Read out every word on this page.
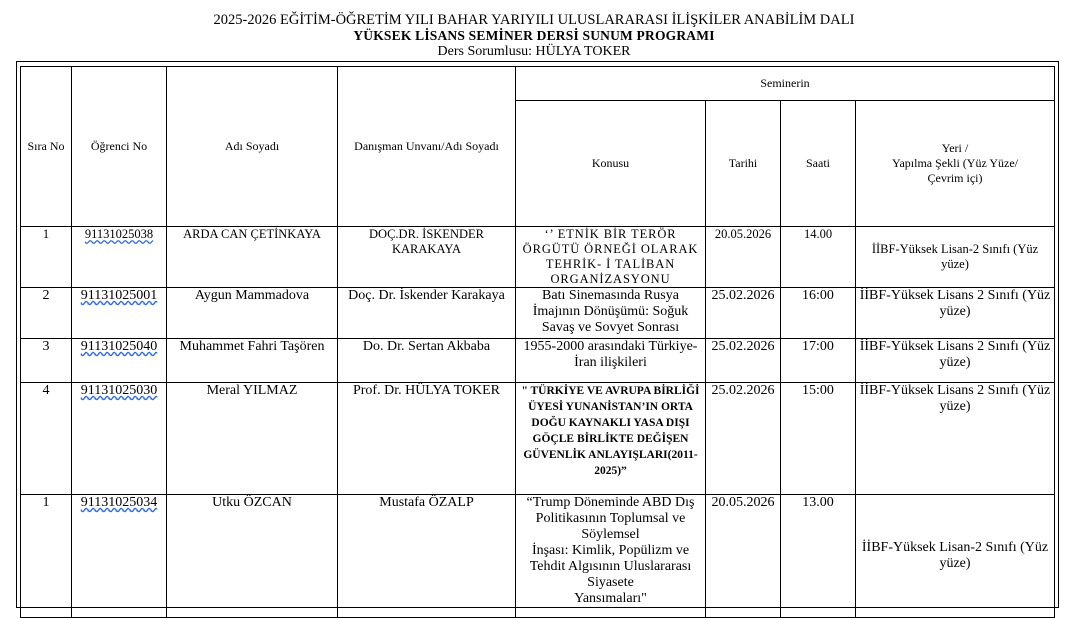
2025-2026 EĞİTİM-ÖĞRETİM YILI BAHAR YARIYILI ULUSLARARASI İLİŞKİLER ANABİLİM DALI
YÜKSEK LİSANS SEMİNER DERSİ SUNUM PROGRAMI
Ders Sorumlusu: HÜLYA TOKER
Sıra No	Öğrenci No	Adı Soyadı	Danışman Unvanı/Adı Soyadı	Seminerin			
				Konusu	Tarihi	Saati	Yeri /
Yapılma Şekli (Yüz Yüze/
Çevrim içi)

1	91131025038	ARDA CAN ÇETİNKAYA	DOÇ.DR. İSKENDER KARAKAYA	‘’ ETNİK BİR TERÖR ÖRGÜTÜ ÖRNEĞİ OLARAK TEHRİK- İ TALİBAN ORGANİZASYONU	20.05.2026	14.00	İİBF-Yüksek Lisan-2 Sınıfı (Yüz yüze)
2	91131025001	Aygun Mammadova	Doç. Dr. İskender Karakaya	Batı Sinemasında Rusya İmajının Dönüşümü: Soğuk Savaş ve Sovyet Sonrası	25.02.2026	16:00	İİBF-Yüksek Lisans 2 Sınıfı (Yüz yüze)
3	91131025040	Muhammet Fahri Taşören	Do. Dr. Sertan Akbaba	1955-2000 arasındaki Türkiye-İran ilişkileri	25.02.2026	17:00	İİBF-Yüksek Lisans 2 Sınıfı (Yüz yüze)
4	91131025030	Meral YILMAZ	Prof. Dr. HÜLYA TOKER	" TÜRKİYE VE AVRUPA BİRLİĞİ ÜYESİ YUNANİSTAN’IN ORTA DOĞU KAYNAKLI YASA DIŞI GÖÇLE BİRLİKTE DEĞİŞEN GÜVENLİK ANLAYIŞLARI(2011-2025)”	25.02.2026	15:00	İİBF-Yüksek Lisans 2 Sınıfı (Yüz yüze)
1	91131025034	Utku ÖZCAN	Mustafa ÖZALP	“Trump Döneminde ABD Dış Politikasının Toplumsal ve Söylemsel
İnşası: Kimlik, Popülizm ve Tehdit Algısının Uluslararası Siyasete
Yansımaları"	20.05.2026	13.00	İİBF-Yüksek Lisan-2 Sınıfı (Yüz yüze)
